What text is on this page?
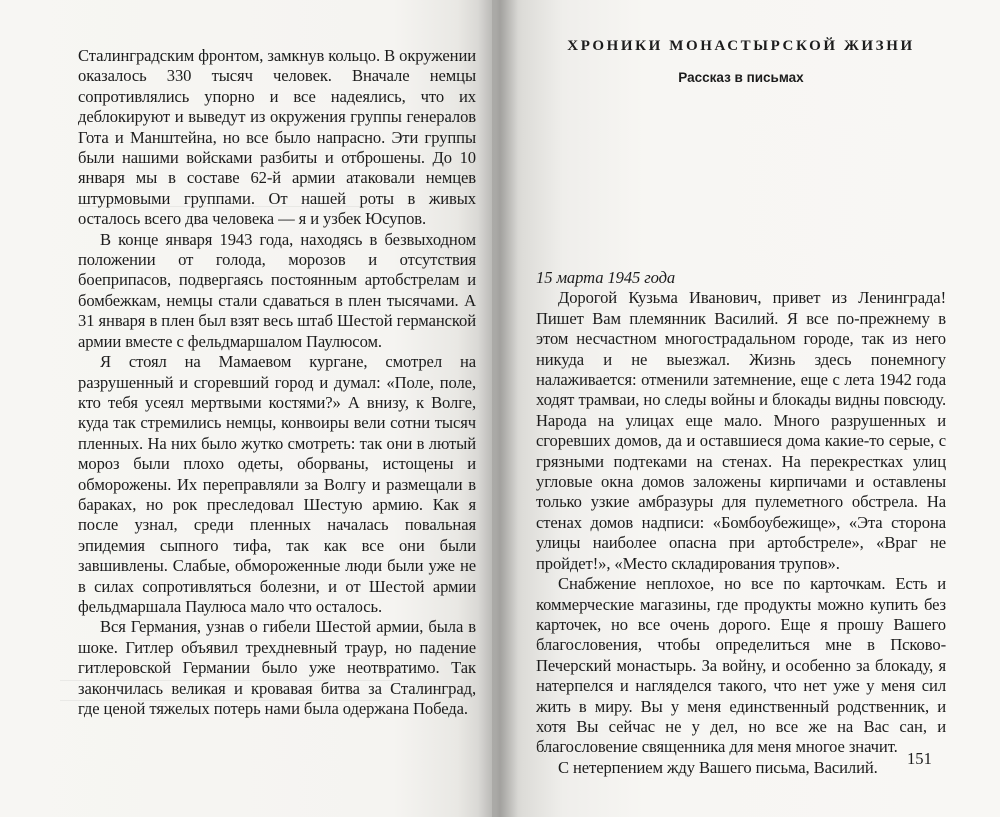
Сталинградским фронтом, замкнув кольцо. В окружении оказалось 330 тысяч человек. Вначале немцы сопротивлялись упорно и все надеялись, что их деблокируют и выведут из окружения группы генералов Гота и Манштейна, но все было напрасно. Эти группы были нашими войсками разбиты и отброшены. До 10 января мы в составе 62-й армии атаковали немцев штурмовыми группами. От нашей роты в живых осталось всего два человека — я и узбек Юсупов.

В конце января 1943 года, находясь в безвыходном положении от голода, морозов и отсутствия боеприпасов, подвергаясь постоянным артобстрелам и бомбежкам, немцы стали сдаваться в плен тысячами. А 31 января в плен был взят весь штаб Шестой германской армии вместе с фельдмаршалом Паулюсом.

Я стоял на Мамаевом кургане, смотрел на разрушенный и сгоревший город и думал: «Поле, поле, кто тебя усеял мертвыми костями?» А внизу, к Волге, куда так стремились немцы, конвоиры вели сотни тысяч пленных. На них было жутко смотреть: так они в лютый мороз были плохо одеты, оборваны, истощены и обморожены. Их переправляли за Волгу и размещали в бараках, но рок преследовал Шестую армию. Как я после узнал, среди пленных началась повальная эпидемия сыпного тифа, так как все они были завшивлены. Слабые, обмороженные люди были уже не в силах сопротивляться болезни, и от Шестой армии фельдмаршала Паулюса мало что осталось.

Вся Германия, узнав о гибели Шестой армии, была в шоке. Гитлер объявил трехдневный траур, но падение гитлеровской Германии было уже неотвратимо. Так закончилась великая и кровавая битва за Сталинград, где ценой тяжелых потерь нами была одержана Победа.

ХРОНИКИ МОНАСТЫРСКОЙ ЖИЗНИ
Рассказ в письмах

15 марта 1945 года

Дорогой Кузьма Иванович, привет из Ленинграда! Пишет Вам племянник Василий. Я все по-прежнему в этом несчастном многострадальном городе, так из него никуда и не выезжал. Жизнь здесь понемногу налаживается: отменили затемнение, еще с лета 1942 года ходят трамваи, но следы войны и блокады видны повсюду. Народа на улицах еще мало. Много разрушенных и сгоревших домов, да и оставшиеся дома какие-то серые, с грязными подтеками на стенах. На перекрестках улиц угловые окна домов заложены кирпичами и оставлены только узкие амбразуры для пулеметного обстрела. На стенах домов надписи: «Бомбоубежище», «Эта сторона улицы наиболее опасна при артобстреле», «Враг не пройдет!», «Место складирования трупов».

Снабжение неплохое, но все по карточкам. Есть и коммерческие магазины, где продукты можно купить без карточек, но все очень дорого. Еще я прошу Вашего благословения, чтобы определиться мне в Псково-Печерский монастырь. За войну, и особенно за блокаду, я натерпелся и нагляделся такого, что нет уже у меня сил жить в миру. Вы у меня единственный родственник, и хотя Вы сейчас не у дел, но все же на Вас сан, и благословение священника для меня многое значит.

С нетерпением жду Вашего письма, Василий.	151
